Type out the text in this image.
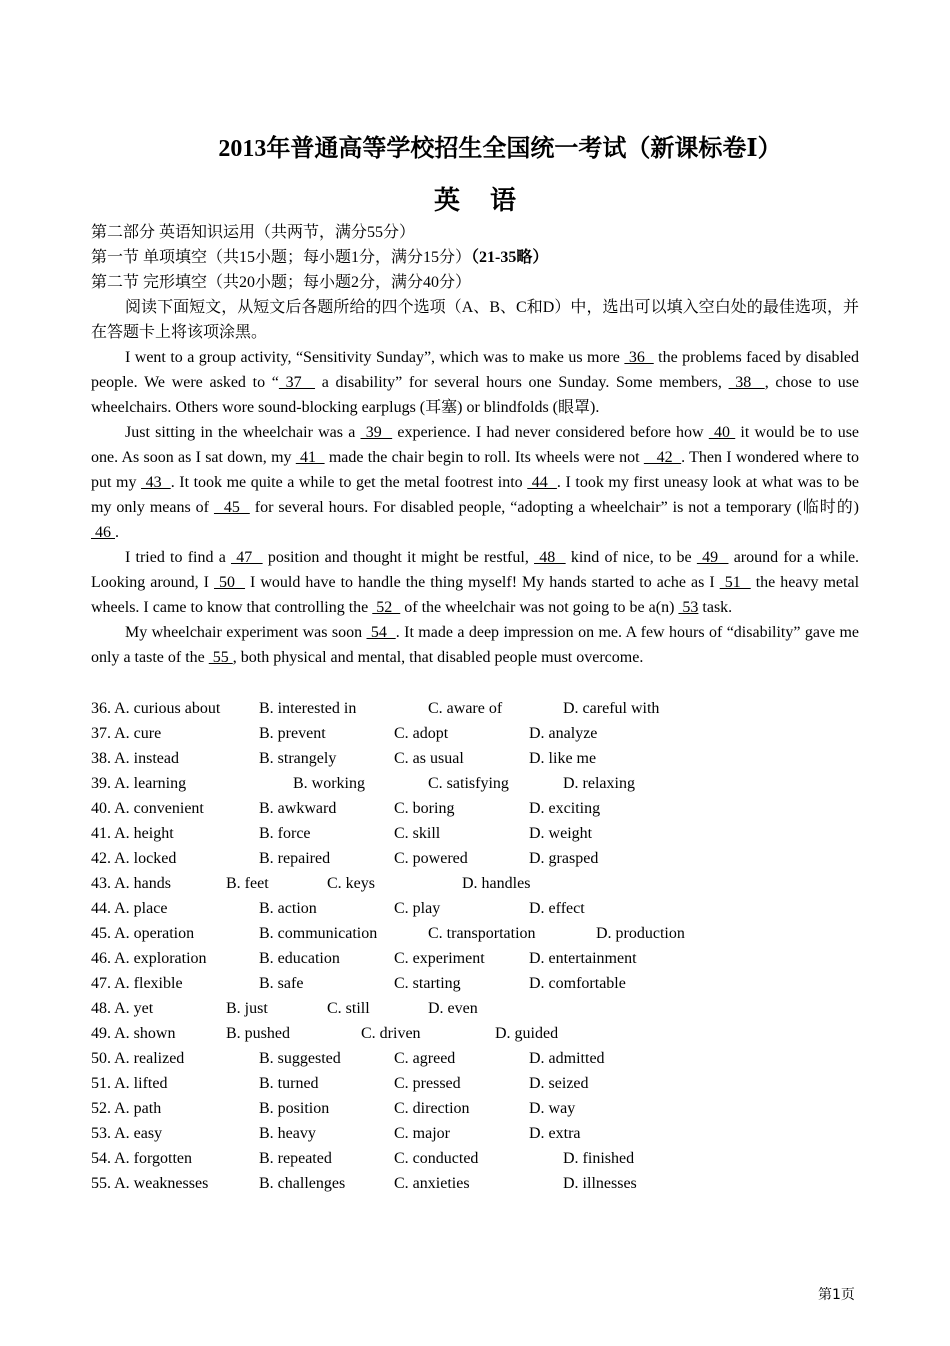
2013年普通高等学校招生全国统一考试（新课标卷Ⅰ）
英语
第二部分 英语知识运用（共两节，满分55分）
第一节 单项填空（共15小题；每小题1分，满分15分）（21-35略）
第二节 完形填空（共20小题；每小题2分，满分40分）
阅读下面短文，从短文后各题所给的四个选项（A、B、C和D）中，选出可以填入空白处的最佳选项，并在答题卡上将该项涂黑。
I went to a group activity, “Sensitivity Sunday”, which was to make us more  36   the problems faced by disabled people. We were asked to “ 37   a disability” for several hours one Sunday. Some members,  38  , chose to use wheelchairs. Others wore sound-blocking earplugs (耳塞) or blindfolds (眼罩).
Just sitting in the wheelchair was a  39   experience. I had never considered before how  40  it would be to use one. As soon as I sat down, my  41   made the chair begin to roll. Its wheels were not    42  . Then I wondered where to put my  43  . It took me quite a while to get the metal footrest into  44  . I took my first uneasy look at what was to be my only means of   45   for several hours. For disabled people, “adopting a wheelchair” is not a temporary (临时的)  46 .
I tried to find a  47   position and thought it might be restful,  48   kind of nice, to be  49   around for a while. Looking around, I  50   I would have to handle the thing myself! My hands started to ache as I  51   the heavy metal wheels. I came to know that controlling the  52   of the wheelchair was not going to be a(n)  53 task.
My wheelchair experiment was soon  54  . It made a deep impression on me. A few hours of “disability” gave me only a taste of the  55 , both physical and mental, that disabled people must overcome.
36. A. curious about B. interested in	C. aware of	D. careful with
37. A. cure	B. prevent	C. adopt	D. analyze
38. A. instead	B. strangely	C. as usual	D. like me
39. A. learning	B. working	C. satisfying	D. relaxing
40. A. convenient	B. awkward	C. boring	D. exciting
41. A. height	B. force	C. skill	D. weight
42. A. locked	B. repaired	C. powered	D. grasped
43. A. hands	B. feet	C. keys	D. handles
44. A. place	B. action	C. play	D. effect
45. A. operation	B. communication	C. transportation	D. production
46. A. exploration	B. education	C. experiment	D. entertainment
47. A. flexible	B. safe	C. starting	D. comfortable
48. A. yet	B. just	C. still	D. even
49. A. shown	B. pushed	C. driven	D. guided
50. A. realized	B. suggested	C. agreed	D. admitted
51. A. lifted	B. turned	C. pressed	D. seized
52. A. path	B. position	C. direction	D. way
53. A. easy	B. heavy	C. major	D. extra
54. A. forgotten	B. repeated	C. conducted	D. finished
55. A. weaknesses	B. challenges	C. anxieties	D. illnesses
第1页
